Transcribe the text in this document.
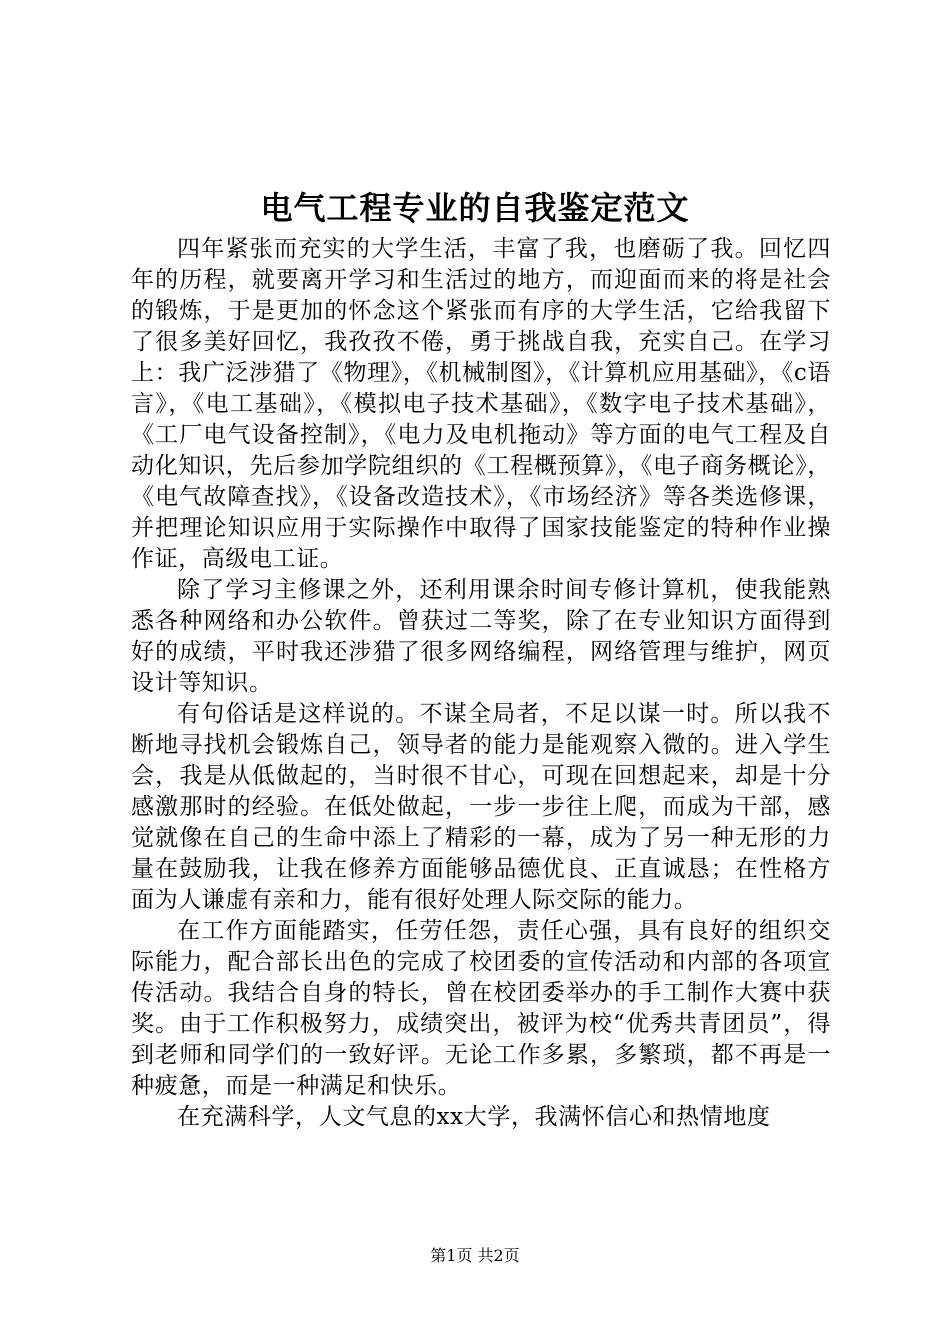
电气工程专业的自我鉴定范文

四年紧张而充实的大学生活，丰富了我，也磨砺了我。回忆四年的历程，就要离开学习和生活过的地方，而迎面而来的将是社会的锻炼，于是更加的怀念这个紧张而有序的大学生活，它给我留下了很多美好回忆，我孜孜不倦，勇于挑战自我，充实自己。在学习上：我广泛涉猎了《物理》，《机械制图》，《计算机应用基础》，《c语言》，《电工基础》，《模拟电子技术基础》，《数字电子技术基础》，《工厂电气设备控制》，《电力及电机拖动》等方面的电气工程及自动化知识，先后参加学院组织的《工程概预算》，《电子商务概论》，《电气故障查找》，《设备改造技术》，《市场经济》等各类选修课，并把理论知识应用于实际操作中取得了国家技能鉴定的特种作业操作证，高级电工证。

除了学习主修课之外，还利用课余时间专修计算机，使我能熟悉各种网络和办公软件。曾获过二等奖，除了在专业知识方面得到好的成绩，平时我还涉猎了很多网络编程，网络管理与维护，网页设计等知识。

有句俗话是这样说的。不谋全局者，不足以谋一时。所以我不断地寻找机会锻炼自己，领导者的能力是能观察入微的。进入学生会，我是从低做起的，当时很不甘心，可现在回想起来，却是十分感激那时的经验。在低处做起，一步一步往上爬，而成为干部，感觉就像在自己的生命中添上了精彩的一幕，成为了另一种无形的力量在鼓励我，让我在修养方面能够品德优良、正直诚恳；在性格方面为人谦虚有亲和力，能有很好处理人际交际的能力。

在工作方面能踏实，任劳任怨，责任心强，具有良好的组织交际能力，配合部长出色的完成了校团委的宣传活动和内部的各项宣传活动。我结合自身的特长，曾在校团委举办的手工制作大赛中获奖。由于工作积极努力，成绩突出，被评为校“优秀共青团员”，得到老师和同学们的一致好评。无论工作多累，多繁琐，都不再是一种疲惫，而是一种满足和快乐。

在充满科学，人文气息的xx大学，我满怀信心和热情地度

第1页 共2页
